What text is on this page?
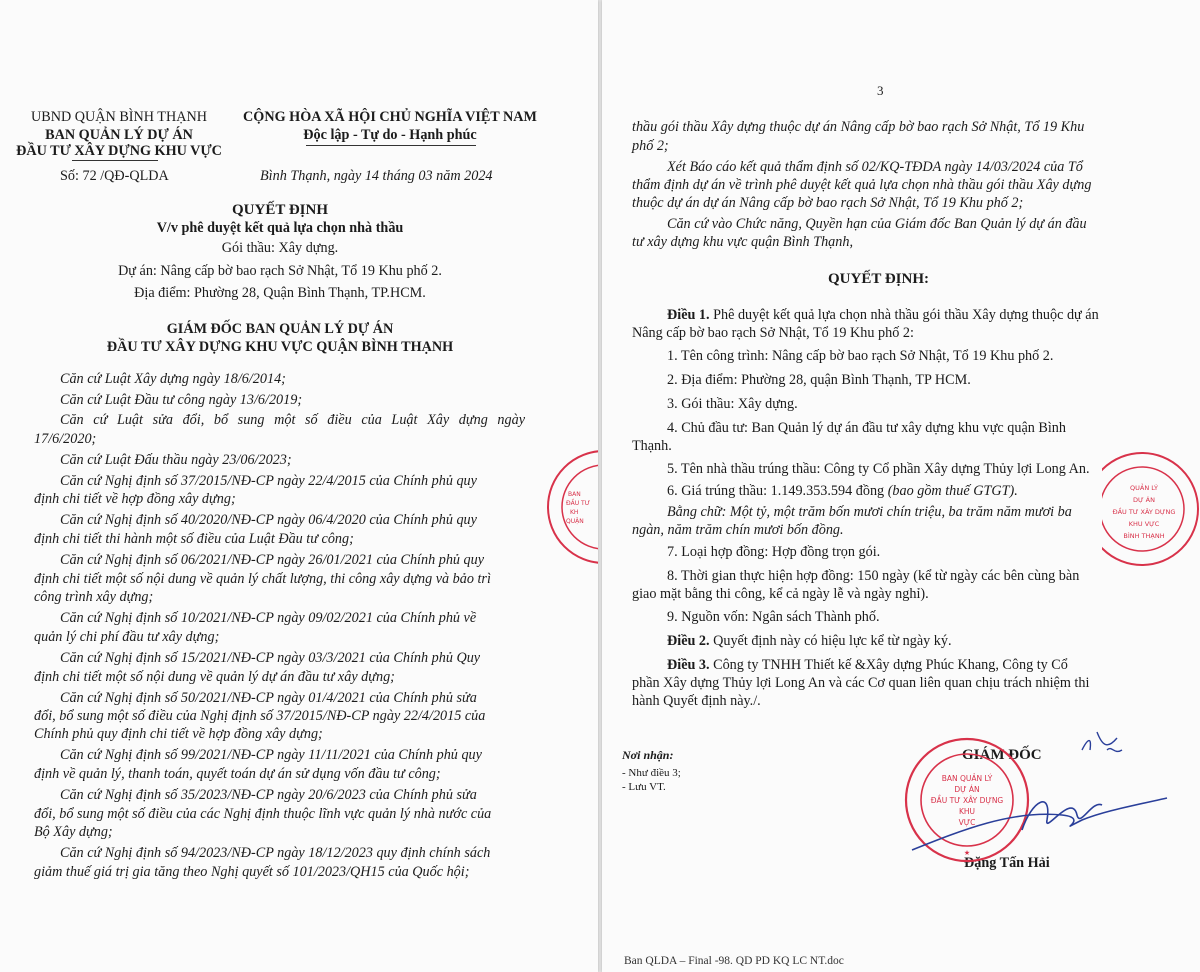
UBND QUẬN BÌNH THẠNH
BAN QUẢN LÝ DỰ ÁN
ĐẦU TƯ XÂY DỰNG KHU VỰC
CỘNG HÒA XÃ HỘI CHỦ NGHĨA VIỆT NAM
Độc lập - Tự do - Hạnh phúc
Số: 72 /QĐ-QLDA	Bình Thạnh, ngày 14 tháng 03 năm 2024
QUYẾT ĐỊNH
V/v phê duyệt kết quả lựa chọn nhà thầu
Gói thầu: Xây dựng.
Dự án: Nâng cấp bờ bao rạch Sở Nhật, Tổ 19 Khu phố 2.
Địa điểm: Phường 28, Quận Bình Thạnh, TP.HCM.
GIÁM ĐỐC BAN QUẢN LÝ DỰ ÁN
ĐẦU TƯ XÂY DỰNG KHU VỰC QUẬN BÌNH THẠNH
Căn cứ Luật Xây dựng ngày 18/6/2014;
Căn cứ Luật Đầu tư công ngày 13/6/2019;
Căn cứ Luật sửa đổi, bổ sung một số điều của Luật Xây dựng ngày
17/6/2020;
Căn cứ Luật Đấu thầu ngày 23/06/2023;
Căn cứ Nghị định số 37/2015/NĐ-CP ngày 22/4/2015 của Chính phủ quy
định chi tiết về hợp đồng xây dựng;
Căn cứ Nghị định số 40/2020/NĐ-CP ngày 06/4/2020 của Chính phủ quy
định chi tiết thi hành một số điều của Luật Đầu tư công;
Căn cứ Nghị định số 06/2021/NĐ-CP ngày 26/01/2021 của Chính phủ quy
định chi tiết một số nội dung về quản lý chất lượng, thi công xây dựng và bảo trì
công trình xây dựng;
Căn cứ Nghị định số 10/2021/NĐ-CP ngày 09/02/2021 của Chính phủ về
quản lý chi phí đầu tư xây dựng;
Căn cứ Nghị định số 15/2021/NĐ-CP ngày 03/3/2021 của Chính phủ Quy
định chi tiết một số nội dung về quản lý dự án đầu tư xây dựng;
Căn cứ Nghị định số 50/2021/NĐ-CP ngày 01/4/2021 của Chính phủ sửa
đổi, bổ sung một số điều của Nghị định số 37/2015/NĐ-CP ngày 22/4/2015 của
Chính phủ quy định chi tiết về hợp đồng xây dựng;
Căn cứ Nghị định số 99/2021/NĐ-CP ngày 11/11/2021 của Chính phủ quy
định về quản lý, thanh toán, quyết toán dự án sử dụng vốn đầu tư công;
Căn cứ Nghị định số 35/2023/NĐ-CP ngày 20/6/2023 của Chính phủ sửa
đổi, bổ sung một số điều của các Nghị định thuộc lĩnh vực quản lý nhà nước của
Bộ Xây dựng;
Căn cứ Nghị định số 94/2023/NĐ-CP ngày 18/12/2023 quy định chính sách
giảm thuế giá trị gia tăng theo Nghị quyết số 101/2023/QH15 của Quốc hội;
BAN
ĐẦU TƯ
KH
QUẬN
3
thầu gói thầu Xây dựng thuộc dự án Nâng cấp bờ bao rạch Sở Nhật, Tổ 19 Khu
phố 2;
Xét Báo cáo kết quả thẩm định số 02/KQ-TĐDA ngày 14/03/2024 của Tổ
thẩm định dự án về trình phê duyệt kết quả lựa chọn nhà thầu gói thầu Xây dựng
thuộc dự án dự án Nâng cấp bờ bao rạch Sở Nhật, Tổ 19 Khu phố 2;
Căn cứ vào Chức năng, Quyền hạn của Giám đốc Ban Quản lý dự án đầu
tư xây dựng khu vực quận Bình Thạnh,
QUYẾT ĐỊNH:
Điều 1. Phê duyệt kết quả lựa chọn nhà thầu gói thầu Xây dựng thuộc dự án
Nâng cấp bờ bao rạch Sở Nhật, Tổ 19 Khu phố 2:
1. Tên công trình: Nâng cấp bờ bao rạch Sở Nhật, Tổ 19 Khu phố 2.
2. Địa điểm: Phường 28, quận Bình Thạnh, TP HCM.
3. Gói thầu: Xây dựng.
4. Chủ đầu tư: Ban Quản lý dự án đầu tư xây dựng khu vực quận Bình
Thạnh.
5. Tên nhà thầu trúng thầu: Công ty Cổ phần Xây dựng Thủy lợi Long An.
6. Giá trúng thầu: 1.149.353.594 đồng (bao gồm thuế GTGT).
Bằng chữ: Một tỷ, một trăm bốn mươi chín triệu, ba trăm năm mươi ba
ngàn, năm trăm chín mươi bốn đồng.
7. Loại hợp đồng: Hợp đồng trọn gói.
8. Thời gian thực hiện hợp đồng: 150 ngày (kể từ ngày các bên cùng bàn
giao mặt bằng thi công, kể cả ngày lễ và ngày nghỉ).
9. Nguồn vốn: Ngân sách Thành phố.
Điều 2. Quyết định này có hiệu lực kể từ ngày ký.
Điều 3. Công ty TNHH Thiết kế &Xây dựng Phúc Khang, Công ty Cổ
phần Xây dựng Thủy lợi Long An và các Cơ quan liên quan chịu trách nhiệm thi
hành Quyết định này./.
Nơi nhận:
- Như điều 3;
- Lưu VT.
GIÁM ĐỐC
Đặng Tấn Hải
BAN QUẢN LÝ
DỰ ÁN
ĐẦU TƯ XÂY DỰNG
KHU
VỰC
★
QUẢN LÝ
DỰ ÁN
ĐẦU TƯ XÂY DỰNG
KHU VỰC
BÌNH THẠNH
Ban QLDA – Final -98. QD PD KQ LC NT.doc
